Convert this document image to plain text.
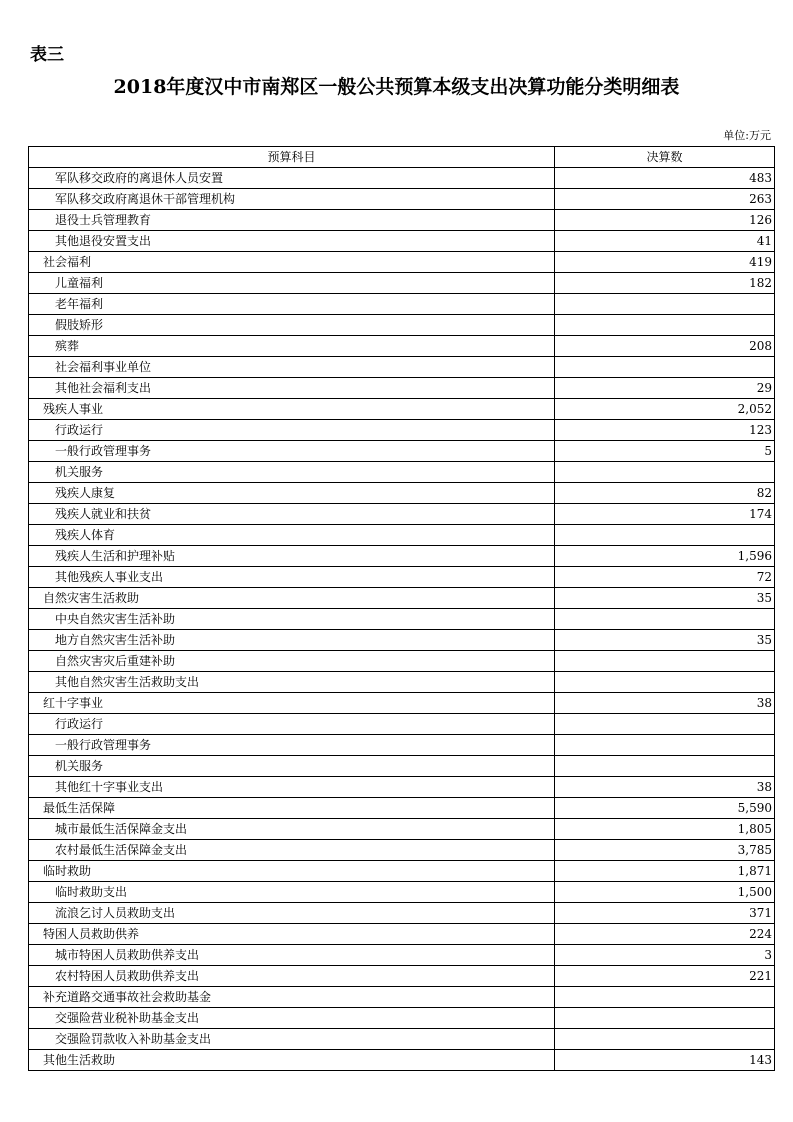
表三
2018年度汉中市南郑区一般公共预算本级支出决算功能分类明细表
单位:万元
预算科目	决算数
军队移交政府的离退休人员安置	483
军队移交政府离退休干部管理机构	263
退役士兵管理教育	126
其他退役安置支出	41
社会福利	419
儿童福利	182
老年福利	
假肢矫形	
殡葬	208
社会福利事业单位	
其他社会福利支出	29
残疾人事业	2,052
行政运行	123
一般行政管理事务	5
机关服务	
残疾人康复	82
残疾人就业和扶贫	174
残疾人体育	
残疾人生活和护理补贴	1,596
其他残疾人事业支出	72
自然灾害生活救助	35
中央自然灾害生活补助	
地方自然灾害生活补助	35
自然灾害灾后重建补助	
其他自然灾害生活救助支出	
红十字事业	38
行政运行	
一般行政管理事务	
机关服务	
其他红十字事业支出	38
最低生活保障	5,590
城市最低生活保障金支出	1,805
农村最低生活保障金支出	3,785
临时救助	1,871
临时救助支出	1,500
流浪乞讨人员救助支出	371
特困人员救助供养	224
城市特困人员救助供养支出	3
农村特困人员救助供养支出	221
补充道路交通事故社会救助基金	
交强险营业税补助基金支出	
交强险罚款收入补助基金支出	
其他生活救助	143
